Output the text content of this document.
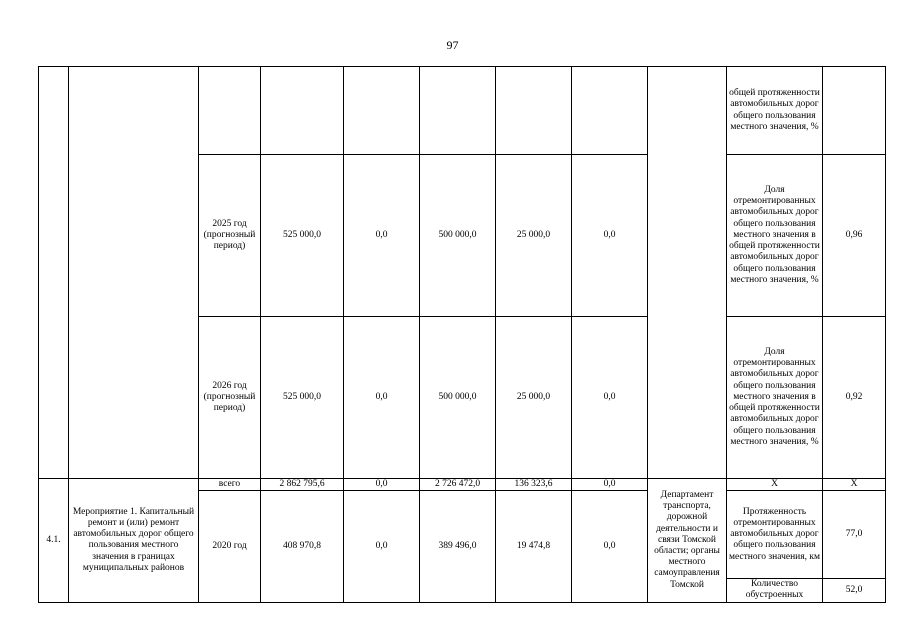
97
									общей протяженности автомобильных дорог общего пользования местного значения, %	
		2025 год (прогнозный период)	525 000,0	0,0	500 000,0	25 000,0	0,0		Доля отремонтированных автомобильных дорог общего пользования местного значения в общей протяженности автомобильных дорог общего пользования местного значения, %	0,96
		2026 год (прогнозный период)	525 000,0	0,0	500 000,0	25 000,0	0,0		Доля отремонтированных автомобильных дорог общего пользования местного значения в общей протяженности автомобильных дорог общего пользования местного значения, %	0,92
4.1.	Мероприятие 1. Капитальный ремонт и (или) ремонт автомобильных дорог общего пользования местного значения в границах муниципальных районов	всего	2 862 795,6	0,0	2 726 472,0	136 323,6	0,0	Департамент транспорта, дорожной деятельности и связи Томской области; органы местного самоуправления Томской	X	X
		2020 год	408 970,8	0,0	389 496,0	19 474,8	0,0		Протяженность отремонтированных автомобильных дорог общего пользования местного значения, км	77,0
									Количество обустроенных	52,0
